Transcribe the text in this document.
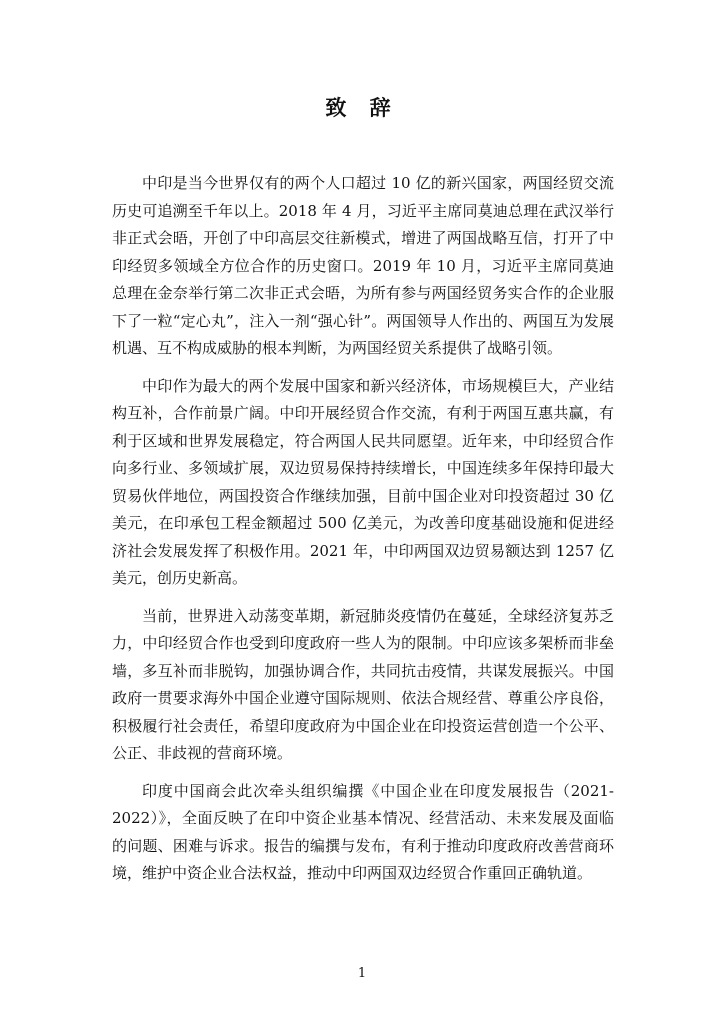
致 辞

中印是当今世界仅有的两个人口超过 10 亿的新兴国家，两国经贸交流历史可追溯至千年以上。2018 年 4 月，习近平主席同莫迪总理在武汉举行非正式会晤，开创了中印高层交往新模式，增进了两国战略互信，打开了中印经贸多领域全方位合作的历史窗口。2019 年 10 月，习近平主席同莫迪总理在金奈举行第二次非正式会晤，为所有参与两国经贸务实合作的企业服下了一粒“定心丸”，注入一剂“强心针”。两国领导人作出的、两国互为发展机遇、互不构成威胁的根本判断，为两国经贸关系提供了战略引领。

中印作为最大的两个发展中国家和新兴经济体，市场规模巨大，产业结构互补，合作前景广阔。中印开展经贸合作交流，有利于两国互惠共赢，有利于区域和世界发展稳定，符合两国人民共同愿望。近年来，中印经贸合作向多行业、多领域扩展，双边贸易保持持续增长，中国连续多年保持印最大贸易伙伴地位，两国投资合作继续加强，目前中国企业对印投资超过 30 亿美元，在印承包工程金额超过 500 亿美元，为改善印度基础设施和促进经济社会发展发挥了积极作用。2021 年，中印两国双边贸易额达到 1257 亿美元，创历史新高。

当前，世界进入动荡变革期，新冠肺炎疫情仍在蔓延，全球经济复苏乏力，中印经贸合作也受到印度政府一些人为的限制。中印应该多架桥而非垒墙，多互补而非脱钩，加强协调合作，共同抗击疫情，共谋发展振兴。中国政府一贯要求海外中国企业遵守国际规则、依法合规经营、尊重公序良俗，积极履行社会责任，希望印度政府为中国企业在印投资运营创造一个公平、公正、非歧视的营商环境。

印度中国商会此次牵头组织编撰《中国企业在印度发展报告（2021-2022）》，全面反映了在印中资企业基本情况、经营活动、未来发展及面临的问题、困难与诉求。报告的编撰与发布，有利于推动印度政府改善营商环境，维护中资企业合法权益，推动中印两国双边经贸合作重回正确轨道。

1
